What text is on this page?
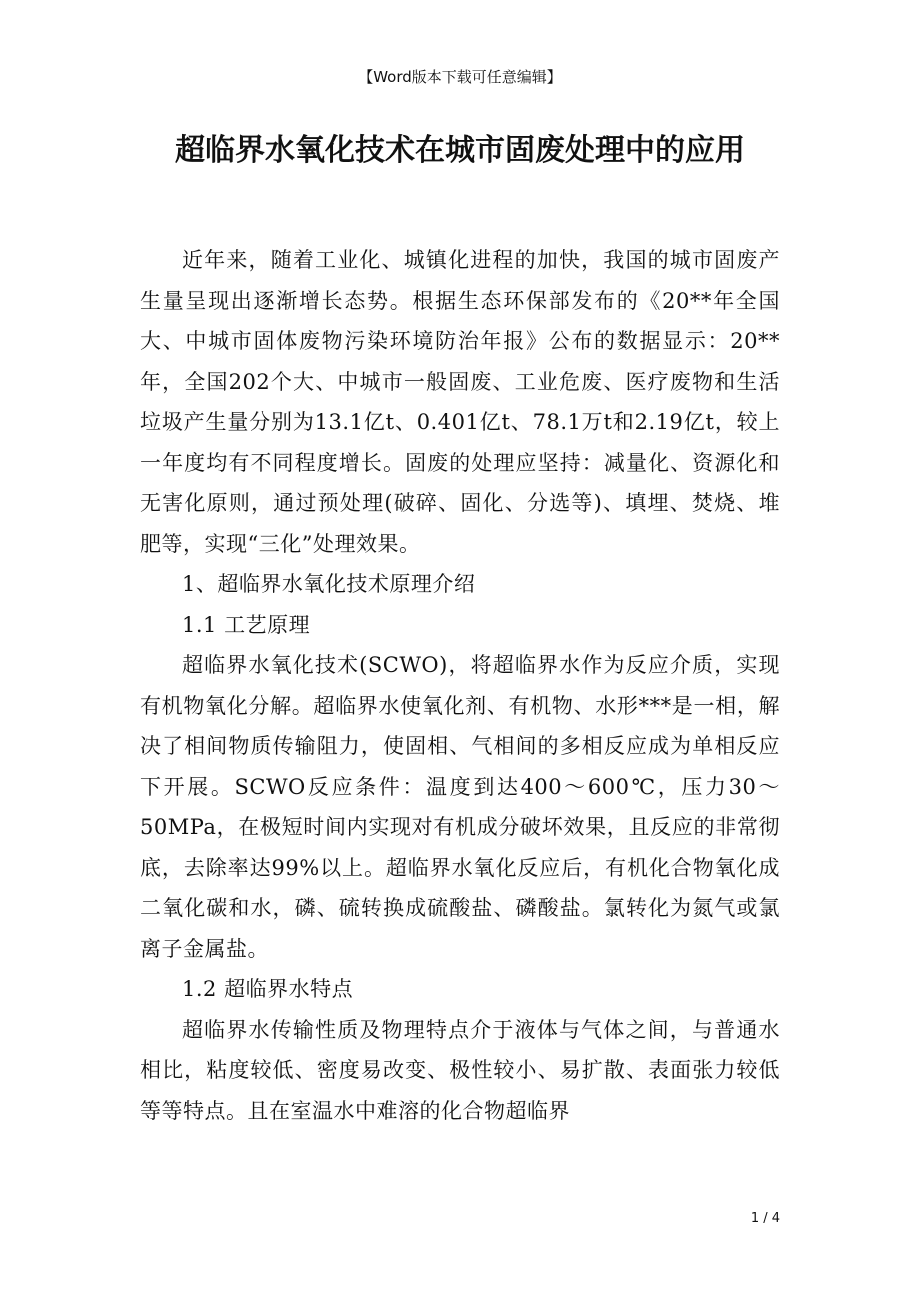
【Word版本下载可任意编辑】
超临界水氧化技术在城市固废处理中的应用

近年来，随着工业化、城镇化进程的加快，我国的城市固废产生量呈现出逐渐增长态势。根据生态环保部发布的《20**年全国大、中城市固体废物污染环境防治年报》公布的数据显示：20**年，全国202个大、中城市一般固废、工业危废、医疗废物和生活垃圾产生量分别为13.1亿t、0.401亿t、78.1万t和2.19亿t，较上一年度均有不同程度增长。固废的处理应坚持：减量化、资源化和无害化原则，通过预处理(破碎、固化、分选等)、填埋、焚烧、堆肥等，实现“三化”处理效果。

1、超临界水氧化技术原理介绍

1.1 工艺原理

超临界水氧化技术(SCWO)，将超临界水作为反应介质，实现有机物氧化分解。超临界水使氧化剂、有机物、水形***是一相，解决了相间物质传输阻力，使固相、气相间的多相反应成为单相反应下开展。SCWO反应条件：温度到达400～600℃，压力30～50MPa，在极短时间内实现对有机成分破坏效果，且反应的非常彻底，去除率达99%以上。超临界水氧化反应后，有机化合物氧化成二氧化碳和水，磷、硫转换成硫酸盐、磷酸盐。氯转化为氮气或氯离子金属盐。

1.2 超临界水特点

超临界水传输性质及物理特点介于液体与气体之间，与普通水相比，粘度较低、密度易改变、极性较小、易扩散、表面张力较低等等特点。且在室温水中难溶的化合物超临界

1 / 4
